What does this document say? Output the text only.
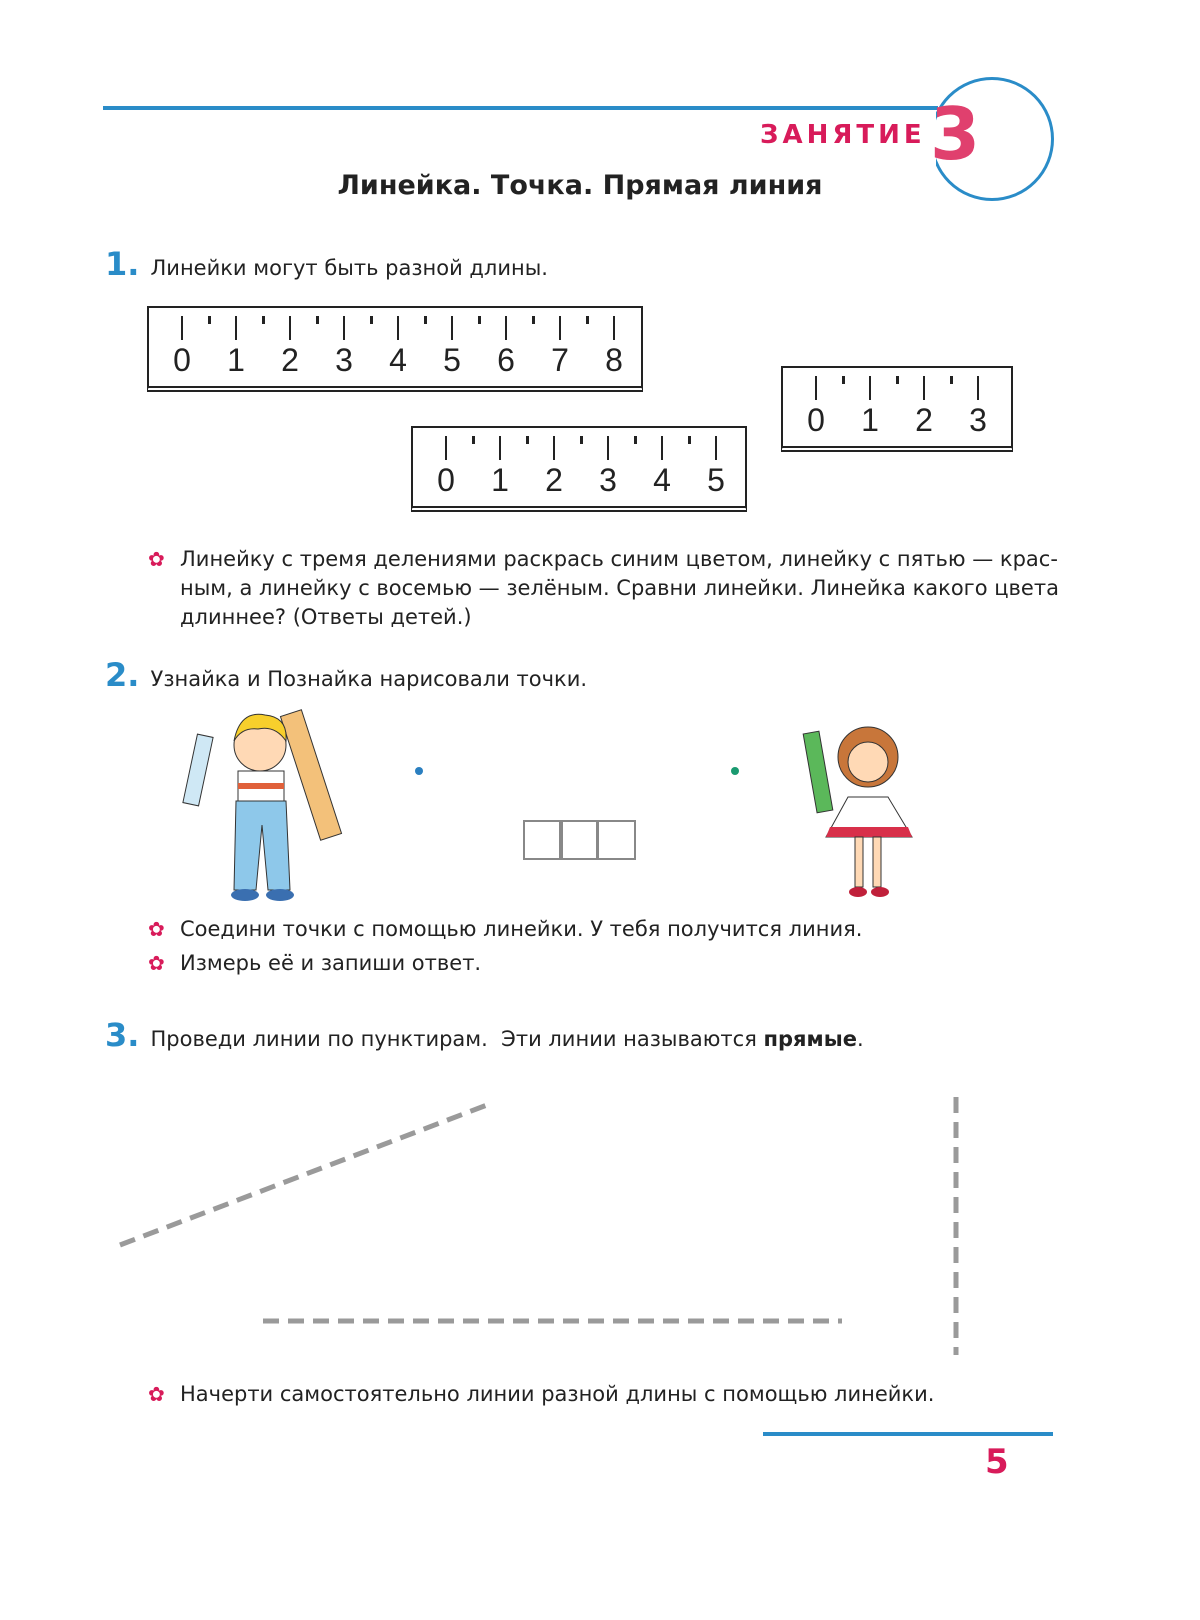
ЗАНЯТИЕ 3
Линейка. Точка. Прямая линия
1. Линейки могут быть разной длины.
0 1 2 3 4 5 6 7 8
0 1 2 3 4 5
0 1 2 3
✿ Линейку с тремя делениями раскрась синим цветом, линейку с пятью — крас-
ным, а линейку с восемью — зелёным. Сравни линейки. Линейка какого цвета
длиннее? (Ответы детей.)
2. Узнайка и Познайка нарисовали точки.
✿ Соедини точки с помощью линейки. У тебя получится линия.
✿ Измерь её и запиши ответ.
3. Проведи линии по пунктирам.  Эти линии называются прямые.
✿ Начерти самостоятельно линии разной длины с помощью линейки.
5
